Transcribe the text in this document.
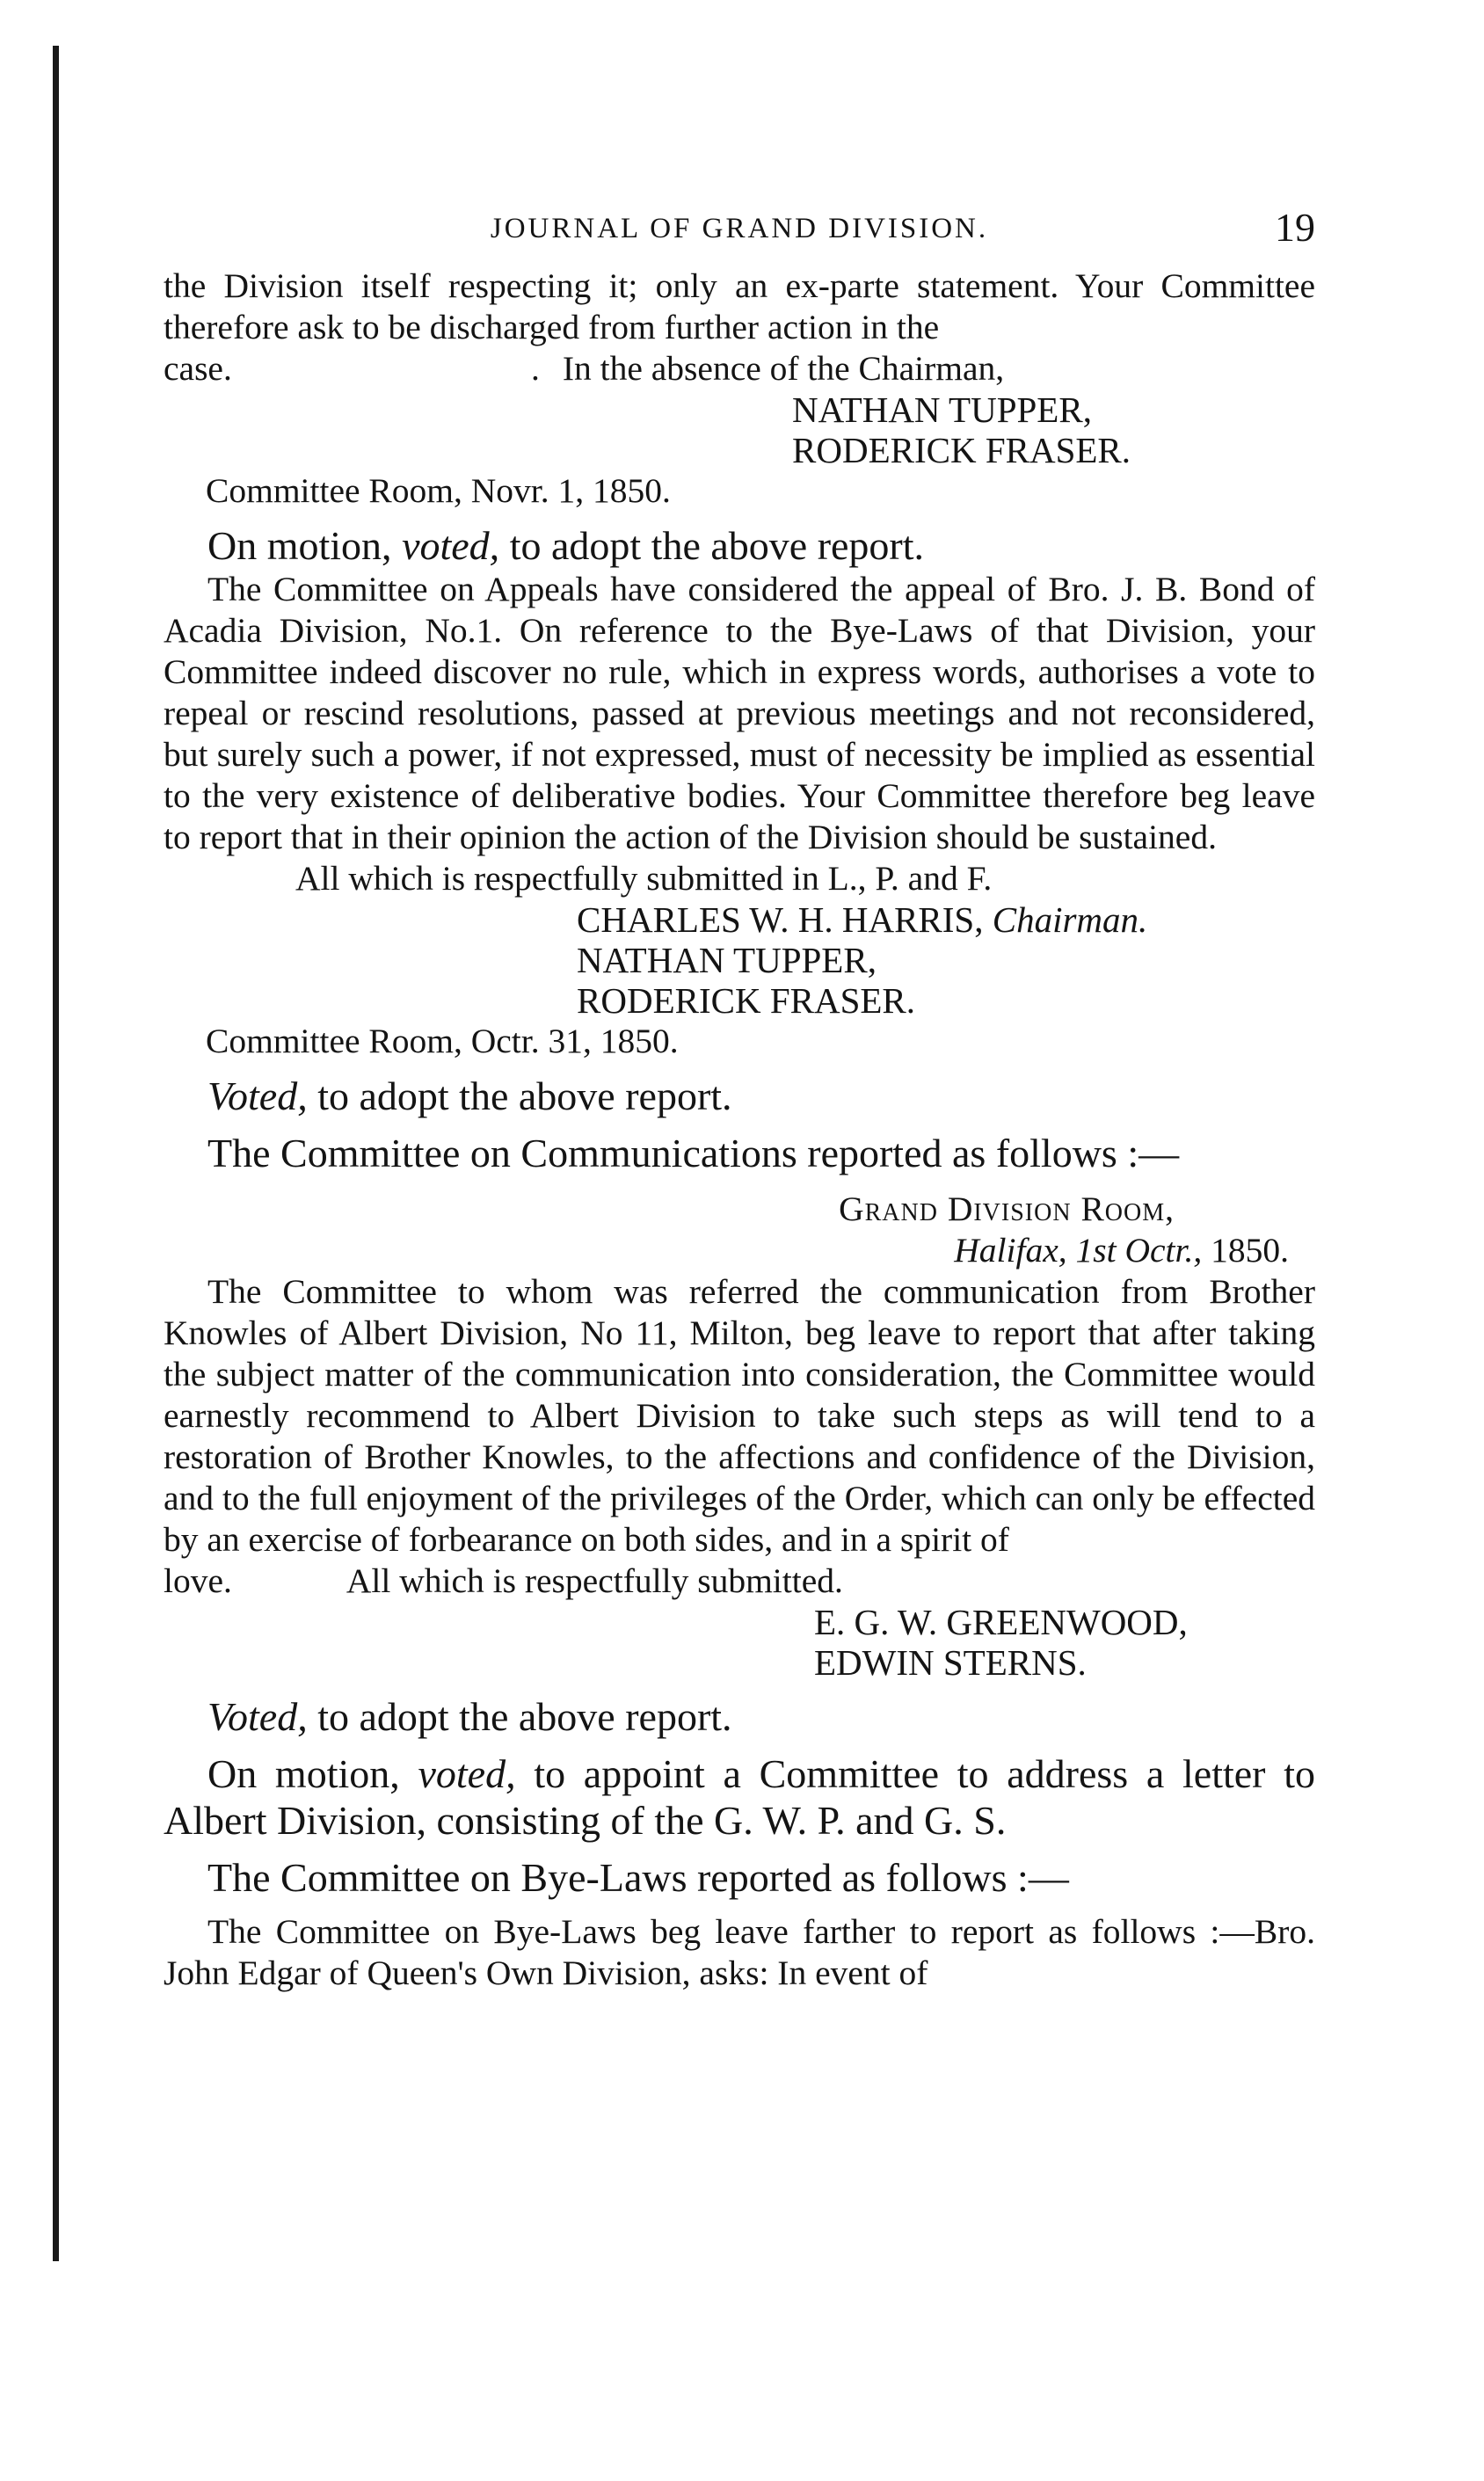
JOURNAL OF GRAND DIVISION.	19

the Division itself respecting it; only an ex-parte statement. Your Committee therefore ask to be discharged from further action in the

case.	. In the absence of the Chairman,

NATHAN TUPPER,
RODERICK FRASER.
Committee Room, Novr. 1, 1850.

On motion, voted, to adopt the above report.

The Committee on Appeals have considered the appeal of Bro. J. B. Bond of Acadia Division, No.1. On reference to the Bye-Laws of that Division, your Committee indeed discover no rule, which in express words, authorises a vote to repeal or rescind resolutions, passed at previous meetings and not reconsidered, but surely such a power, if not expressed, must of necessity be implied as essential to the very existence of deliberative bodies. Your Committee therefore beg leave to report that in their opinion the action of the Division should be sustained.

All which is respectfully submitted in L., P. and F.
CHARLES W. H. HARRIS, Chairman.
NATHAN TUPPER,
RODERICK FRASER.
Committee Room, Octr. 31, 1850.

Voted, to adopt the above report.

The Committee on Communications reported as follows :—

Grand Division Room,
Halifax, 1st Octr., 1850.

The Committee to whom was referred the communication from Brother Knowles of Albert Division, No 11, Milton, beg leave to report that after taking the subject matter of the communication into consideration, the Committee would earnestly recommend to Albert Division to take such steps as will tend to a restoration of Brother Knowles, to the affections and confidence of the Division, and to the full enjoyment of the privileges of the Order, which can only be effected by an exercise of forbearance on both sides, and in a spirit of

love.	All which is respectfully submitted.

E. G. W. GREENWOOD,
EDWIN STERNS.

Voted, to adopt the above report.

On motion, voted, to appoint a Committee to address a letter to Albert Division, consisting of the G. W. P. and G. S.

The Committee on Bye-Laws reported as follows :—

The Committee on Bye-Laws beg leave farther to report as follows :—Bro. John Edgar of Queen's Own Division, asks: In event of
